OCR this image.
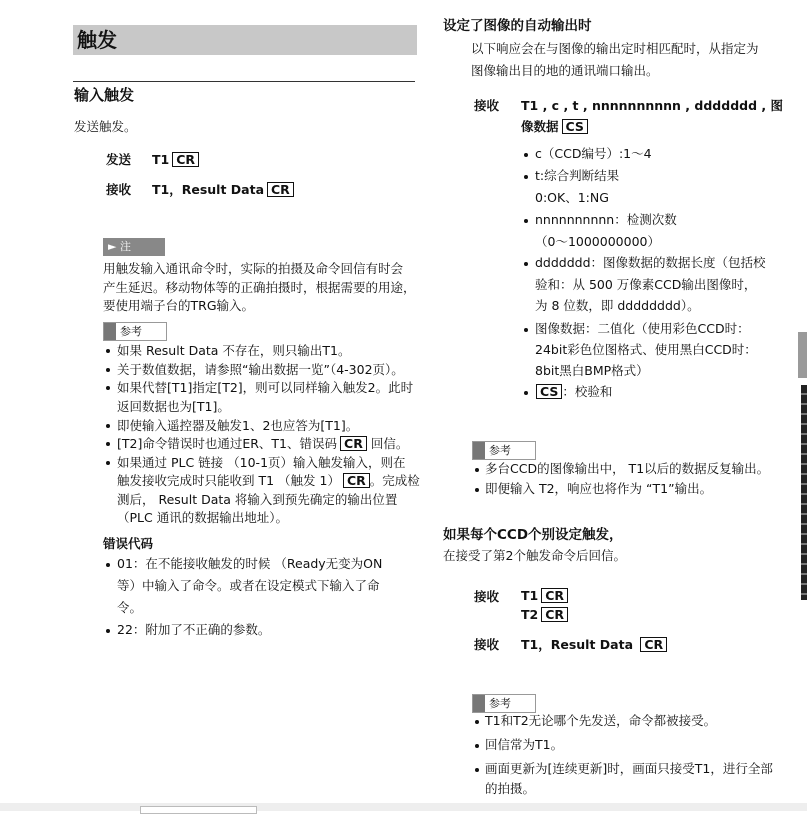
触发
输入触发
发送触发。
发送 T1 CR
接收 T1，Result Data CR
► 注
用触发输入通讯命令时，实际的拍摄及命令回信有时会
产生延迟。移动物体等的正确拍摄时，根据需要的用途，
要使用端子台的TRG输入。
参考
如果 Result Data 不存在，则只输出T1。
关于数值数据，请参照“输出数据一览”（4-302页）。
如果代替[T1]指定[T2]，则可以同样输入触发2。此时
返回数据也为[T1]。
即使输入遥控器及触发1、2也应答为[T1]。
[T2]命令错误时也通过ER、T1、错误码 CR 回信。
如果通过 PLC 链接 （10-1页）输入触发输入，则在
触发接收完成时只能收到 T1 （触发 1） CR 。完成检
测后， Result Data 将输入到预先确定的输出位置
（PLC 通讯的数据输出地址）。
错误代码
01：在不能接收触发的时候 （Ready无变为ON
等）中输入了命令。或者在设定模式下输入了命
令。
22：附加了不正确的参数。
设定了图像的自动输出时
以下响应会在与图像的输出定时相匹配时，从指定为
图像输出目的地的通讯端口输出。
接收 T1 , c , t , nnnnnnnnnn , ddddddd , 图
像数据 CS
c（CCD编号）:1～4
t:综合判断结果
0:OK、1:NG
nnnnnnnnnn：检测次数
（0～1000000000）
ddddddd：图像数据的数据长度（包括校
验和：从 500 万像素CCD输出图像时，
为 8 位数，即 dddddddd）。
图像数据：二值化（使用彩色CCD时：
24bit彩色位图格式、使用黑白CCD时：
8bit黑白BMP格式）
CS ：校验和
参考
多台CCD的图像输出中， T1以后的数据反复输出。
即便输入 T2，响应也将作为 “T1”输出。
如果每个CCD个别设定触发，
在接受了第2个触发命令后回信。
接收 T1 CR
T2 CR
接收 T1，Result Data CR
参考
T1和T2无论哪个先发送，命令都被接受。
回信常为T1。
画面更新为[连续更新]时，画面只接受T1，进行全部
的拍摄。
